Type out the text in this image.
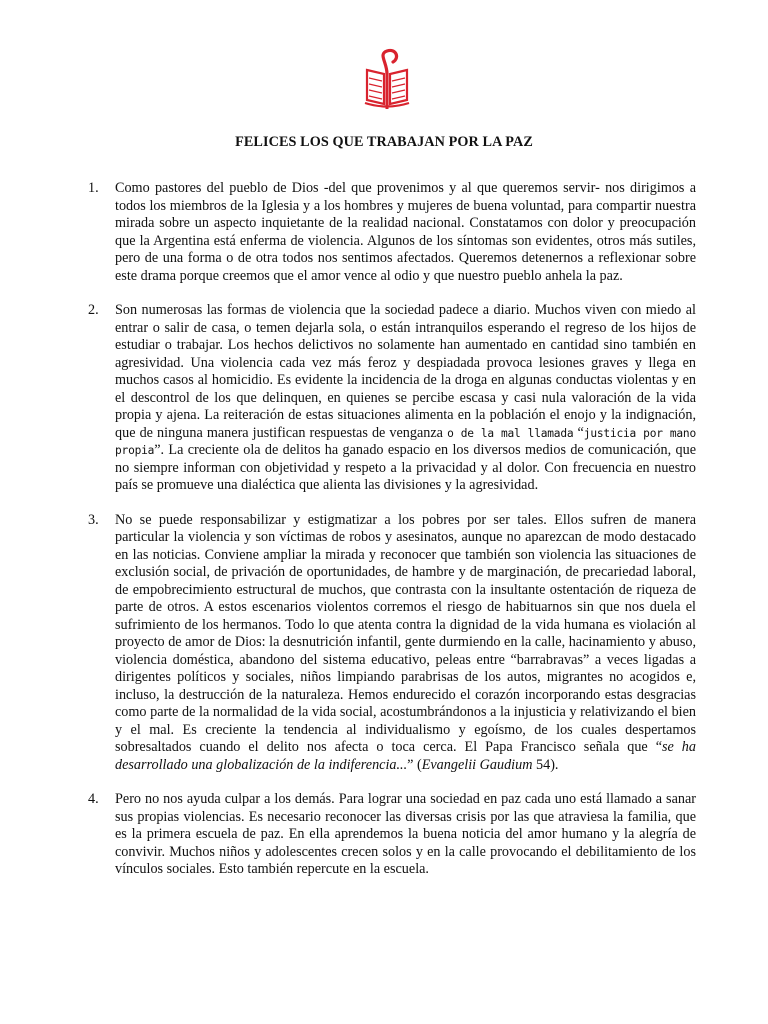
FELICES LOS QUE TRABAJAN POR LA PAZ
1. Como pastores del pueblo de Dios -del que provenimos y al que queremos servir- nos dirigimos a todos los miembros de la Iglesia y a los hombres y mujeres de buena voluntad, para compartir nuestra mirada sobre un aspecto inquietante de la realidad nacional. Constatamos con dolor y preocupación que la Argentina está enferma de violencia. Algunos de los síntomas son evidentes, otros más sutiles, pero de una forma o de otra todos nos sentimos afectados. Queremos detenernos a reflexionar sobre este drama porque creemos que el amor vence al odio y que nuestro pueblo anhela la paz.
2. Son numerosas las formas de violencia que la sociedad padece a diario. Muchos viven con miedo al entrar o salir de casa, o temen dejarla sola, o están intranquilos esperando el regreso de los hijos de estudiar o trabajar. Los hechos delictivos no solamente han aumentado en cantidad sino también en agresividad. Una violencia cada vez más feroz y despiadada provoca lesiones graves y llega en muchos casos al homicidio. Es evidente la incidencia de la droga en algunas conductas violentas y en el descontrol de los que delinquen, en quienes se percibe escasa y casi nula valoración de la vida propia y ajena. La reiteración de estas situaciones alimenta en la población el enojo y la indignación, que de ninguna manera justifican respuestas de venganza o de la mal llamada “justicia por mano propia”. La creciente ola de delitos ha ganado espacio en los diversos medios de comunicación, que no siempre informan con objetividad y respeto a la privacidad y al dolor. Con frecuencia en nuestro país se promueve una dialéctica que alienta las divisiones y la agresividad.
3. No se puede responsabilizar y estigmatizar a los pobres por ser tales. Ellos sufren de manera particular la violencia y son víctimas de robos y asesinatos, aunque no aparezcan de modo destacado en las noticias. Conviene ampliar la mirada y reconocer que también son violencia las situaciones de exclusión social, de privación de oportunidades, de hambre y de marginación, de precariedad laboral, de empobrecimiento estructural de muchos, que contrasta con la insultante ostentación de riqueza de parte de otros. A estos escenarios violentos corremos el riesgo de habituarnos sin que nos duela el sufrimiento de los hermanos. Todo lo que atenta contra la dignidad de la vida humana es violación al proyecto de amor de Dios: la desnutrición infantil, gente durmiendo en la calle, hacinamiento y abuso, violencia doméstica, abandono del sistema educativo, peleas entre “barrabravas” a veces ligadas a dirigentes políticos y sociales, niños limpiando parabrisas de los autos, migrantes no acogidos e, incluso, la destrucción de la naturaleza. Hemos endurecido el corazón incorporando estas desgracias como parte de la normalidad de la vida social, acostumbrándonos a la injusticia y relativizando el bien y el mal. Es creciente la tendencia al individualismo y egoísmo, de los cuales despertamos sobresaltados cuando el delito nos afecta o toca cerca. El Papa Francisco señala que “se ha desarrollado una globalización de la indiferencia...” (Evangelii Gaudium 54).
4. Pero no nos ayuda culpar a los demás. Para lograr una sociedad en paz cada uno está llamado a sanar sus propias violencias. Es necesario reconocer las diversas crisis por las que atraviesa la familia, que es la primera escuela de paz. En ella aprendemos la buena noticia del amor humano y la alegría de convivir. Muchos niños y adolescentes crecen solos y en la calle provocando el debilitamiento de los vínculos sociales. Esto también repercute en la escuela.
